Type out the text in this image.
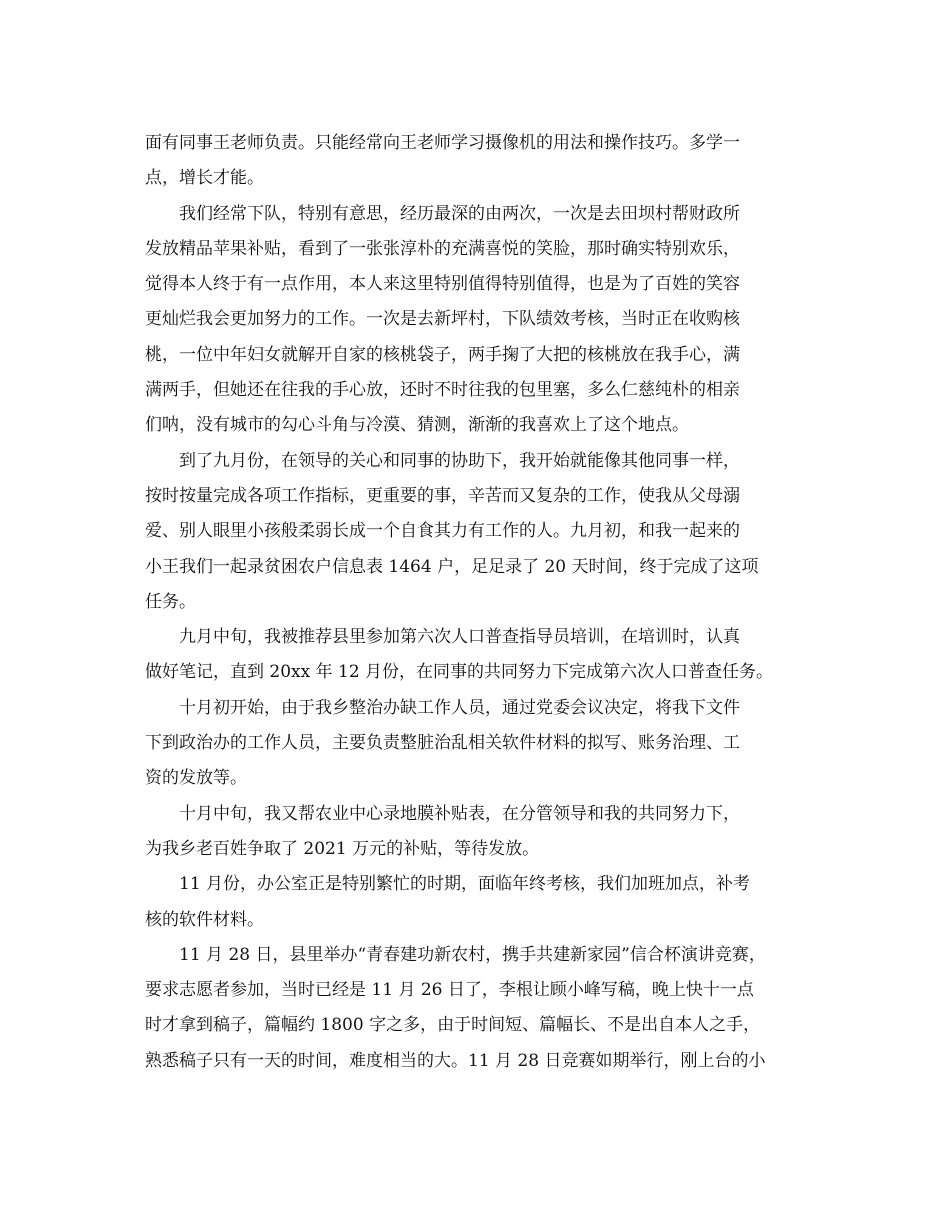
面有同事王老师负责。只能经常向王老师学习摄像机的用法和操作技巧。多学一
点，增长才能。
我们经常下队，特别有意思，经历最深的由两次，一次是去田坝村帮财政所
发放精品苹果补贴，看到了一张张淳朴的充满喜悦的笑脸，那时确实特别欢乐，
觉得本人终于有一点作用，本人来这里特别值得特别值得，也是为了百姓的笑容
更灿烂我会更加努力的工作。一次是去新坪村，下队绩效考核，当时正在收购核
桃，一位中年妇女就解开自家的核桃袋子，两手掬了大把的核桃放在我手心，满
满两手，但她还在往我的手心放，还时不时往我的包里塞，多么仁慈纯朴的相亲
们呐，没有城市的勾心斗角与冷漠、猜测，渐渐的我喜欢上了这个地点。
到了九月份，在领导的关心和同事的协助下，我开始就能像其他同事一样，
按时按量完成各项工作指标，更重要的事，辛苦而又复杂的工作，使我从父母溺
爱、别人眼里小孩般柔弱长成一个自食其力有工作的人。九月初，和我一起来的
小王我们一起录贫困农户信息表 1464 户，足足录了 20 天时间，终于完成了这项
任务。
九月中旬，我被推荐县里参加第六次人口普查指导员培训，在培训时，认真
做好笔记，直到 20xx 年 12 月份，在同事的共同努力下完成第六次人口普查任务。
十月初开始，由于我乡整治办缺工作人员，通过党委会议决定，将我下文件
下到政治办的工作人员，主要负责整脏治乱相关软件材料的拟写、账务治理、工
资的发放等。
十月中旬，我又帮农业中心录地膜补贴表，在分管领导和我的共同努力下，
为我乡老百姓争取了 2021 万元的补贴，等待发放。
11 月份，办公室正是特别繁忙的时期，面临年终考核，我们加班加点，补考
核的软件材料。
11 月 28 日，县里举办“青春建功新农村，携手共建新家园”信合杯演讲竞赛，
要求志愿者参加，当时已经是 11 月 26 日了，李根让顾小峰写稿，晚上快十一点
时才拿到稿子，篇幅约 1800 字之多，由于时间短、篇幅长、不是出自本人之手，
熟悉稿子只有一天的时间，难度相当的大。11 月 28 日竞赛如期举行，刚上台的小
